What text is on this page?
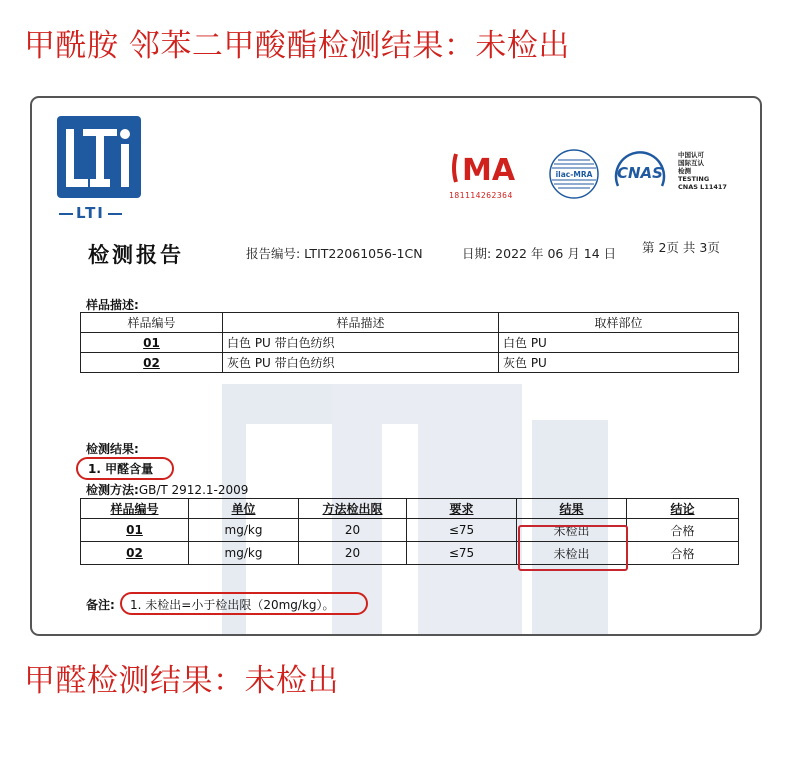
甲酰胺 邻苯二甲酸酯检测结果：未检出
LTI
MA
181114262364
ilac-MRA CNAS
中国认可
国际互认
检测
TESTING
CNAS L11417
检测报告	报告编号: LTIT22061056-1CN	日期: 2022 年 06 月 14 日 第 2页 共 3页
样品描述:
样品编号	样品描述	取样部位
01	白色 PU 带白色纺织	白色 PU
02	灰色 PU 带白色纺织	灰色 PU
检测结果:
1. 甲醛含量
检测方法:GB/T 2912.1-2009
样品编号	单位	方法检出限	要求	结果	结论
01	mg/kg	20	≤75	未检出	合格
02	mg/kg	20	≤75	未检出	合格
备注: 1. 未检出=小于检出限（20mg/kg）。
甲醛检测结果：未检出
